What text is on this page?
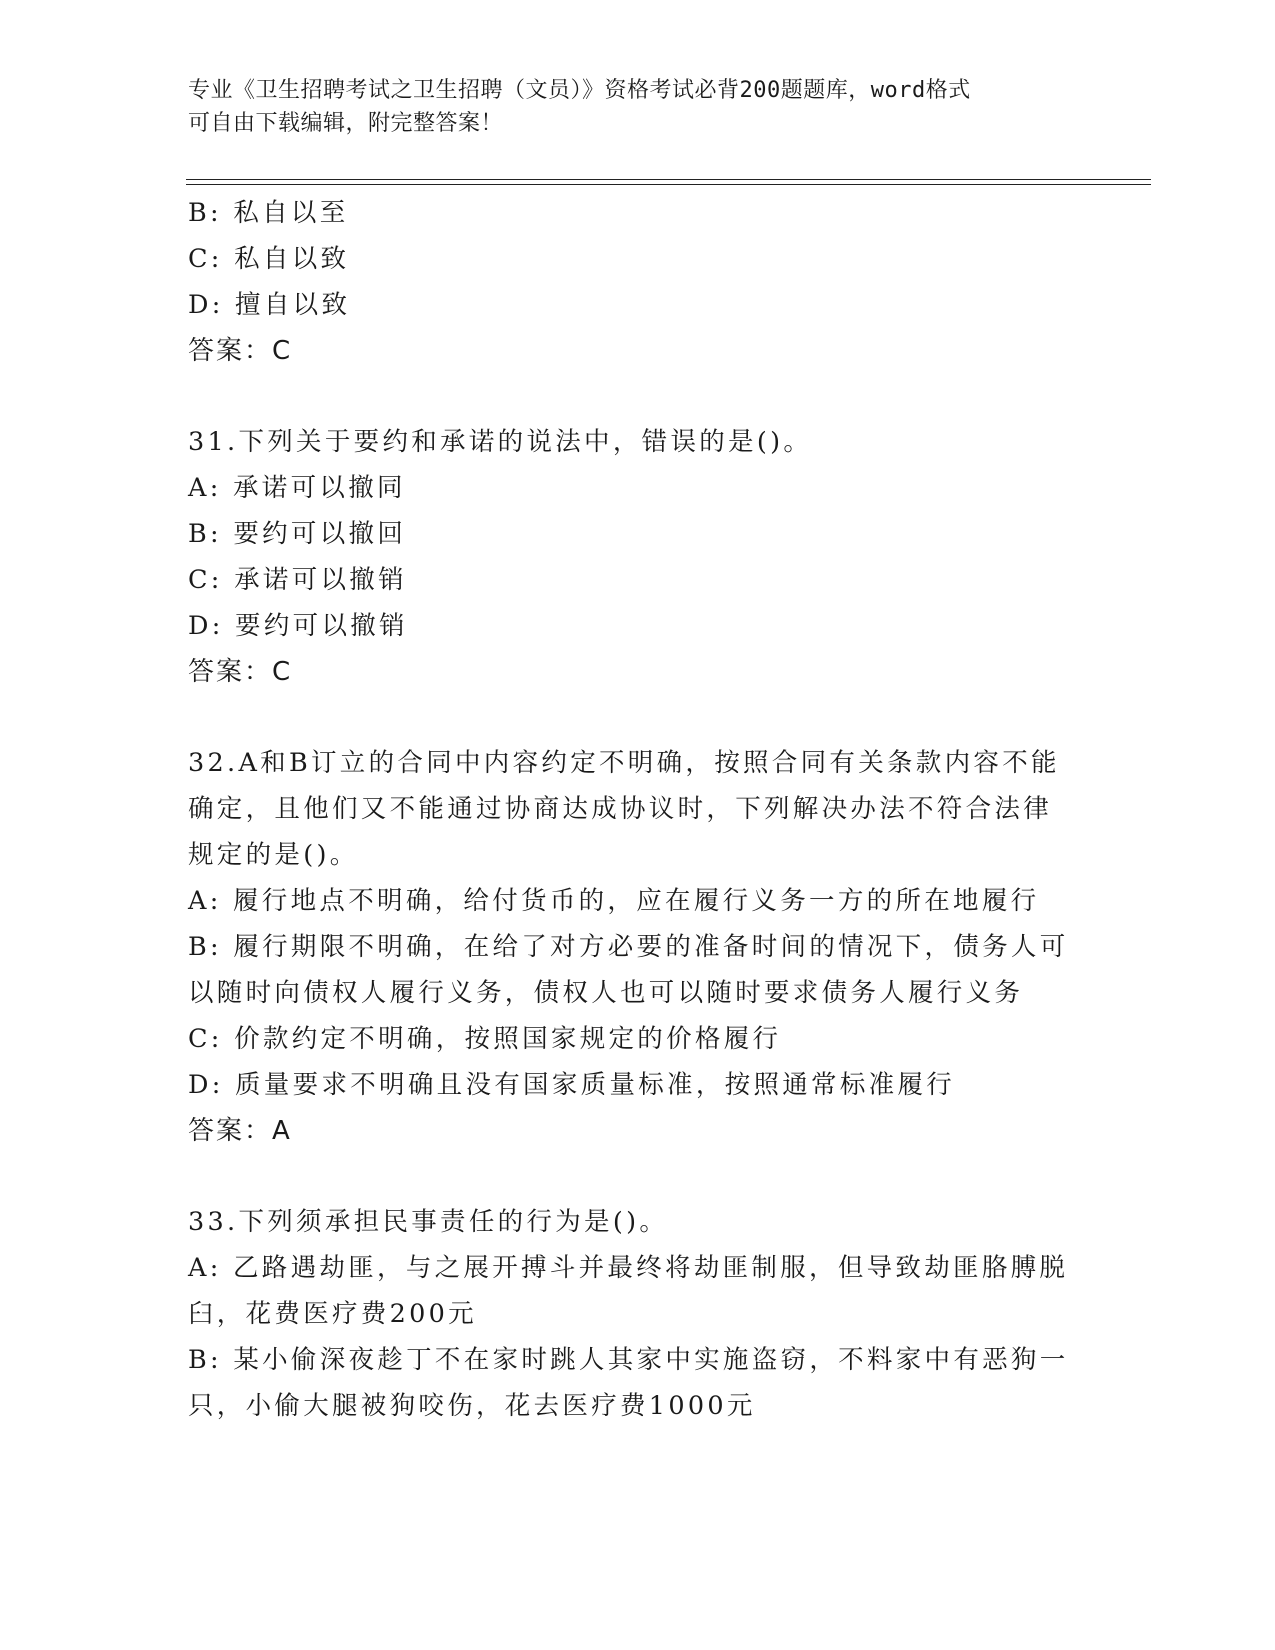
专业《卫生招聘考试之卫生招聘（文员）》资格考试必背200题题库，word格式
可自由下载编辑，附完整答案！
B: 私自以至
C: 私自以致
D: 擅自以致
答案：C
31.下列关于要约和承诺的说法中，错误的是()。
A: 承诺可以撤同
B: 要约可以撤回
C: 承诺可以撤销
D: 要约可以撤销
答案：C
32.A和B订立的合同中内容约定不明确，按照合同有关条款内容不能
确定，且他们又不能通过协商达成协议时，下列解决办法不符合法律
规定的是()。
A: 履行地点不明确，给付货币的，应在履行义务一方的所在地履行
B: 履行期限不明确，在给了对方必要的准备时间的情况下，债务人可
以随时向债权人履行义务，债权人也可以随时要求债务人履行义务
C: 价款约定不明确，按照国家规定的价格履行
D: 质量要求不明确且没有国家质量标准，按照通常标准履行
答案：A
33.下列须承担民事责任的行为是()。
A: 乙路遇劫匪，与之展开搏斗并最终将劫匪制服，但导致劫匪胳膊脱
臼，花费医疗费200元
B: 某小偷深夜趁丁不在家时跳人其家中实施盗窃，不料家中有恶狗一
只，小偷大腿被狗咬伤，花去医疗费1000元
